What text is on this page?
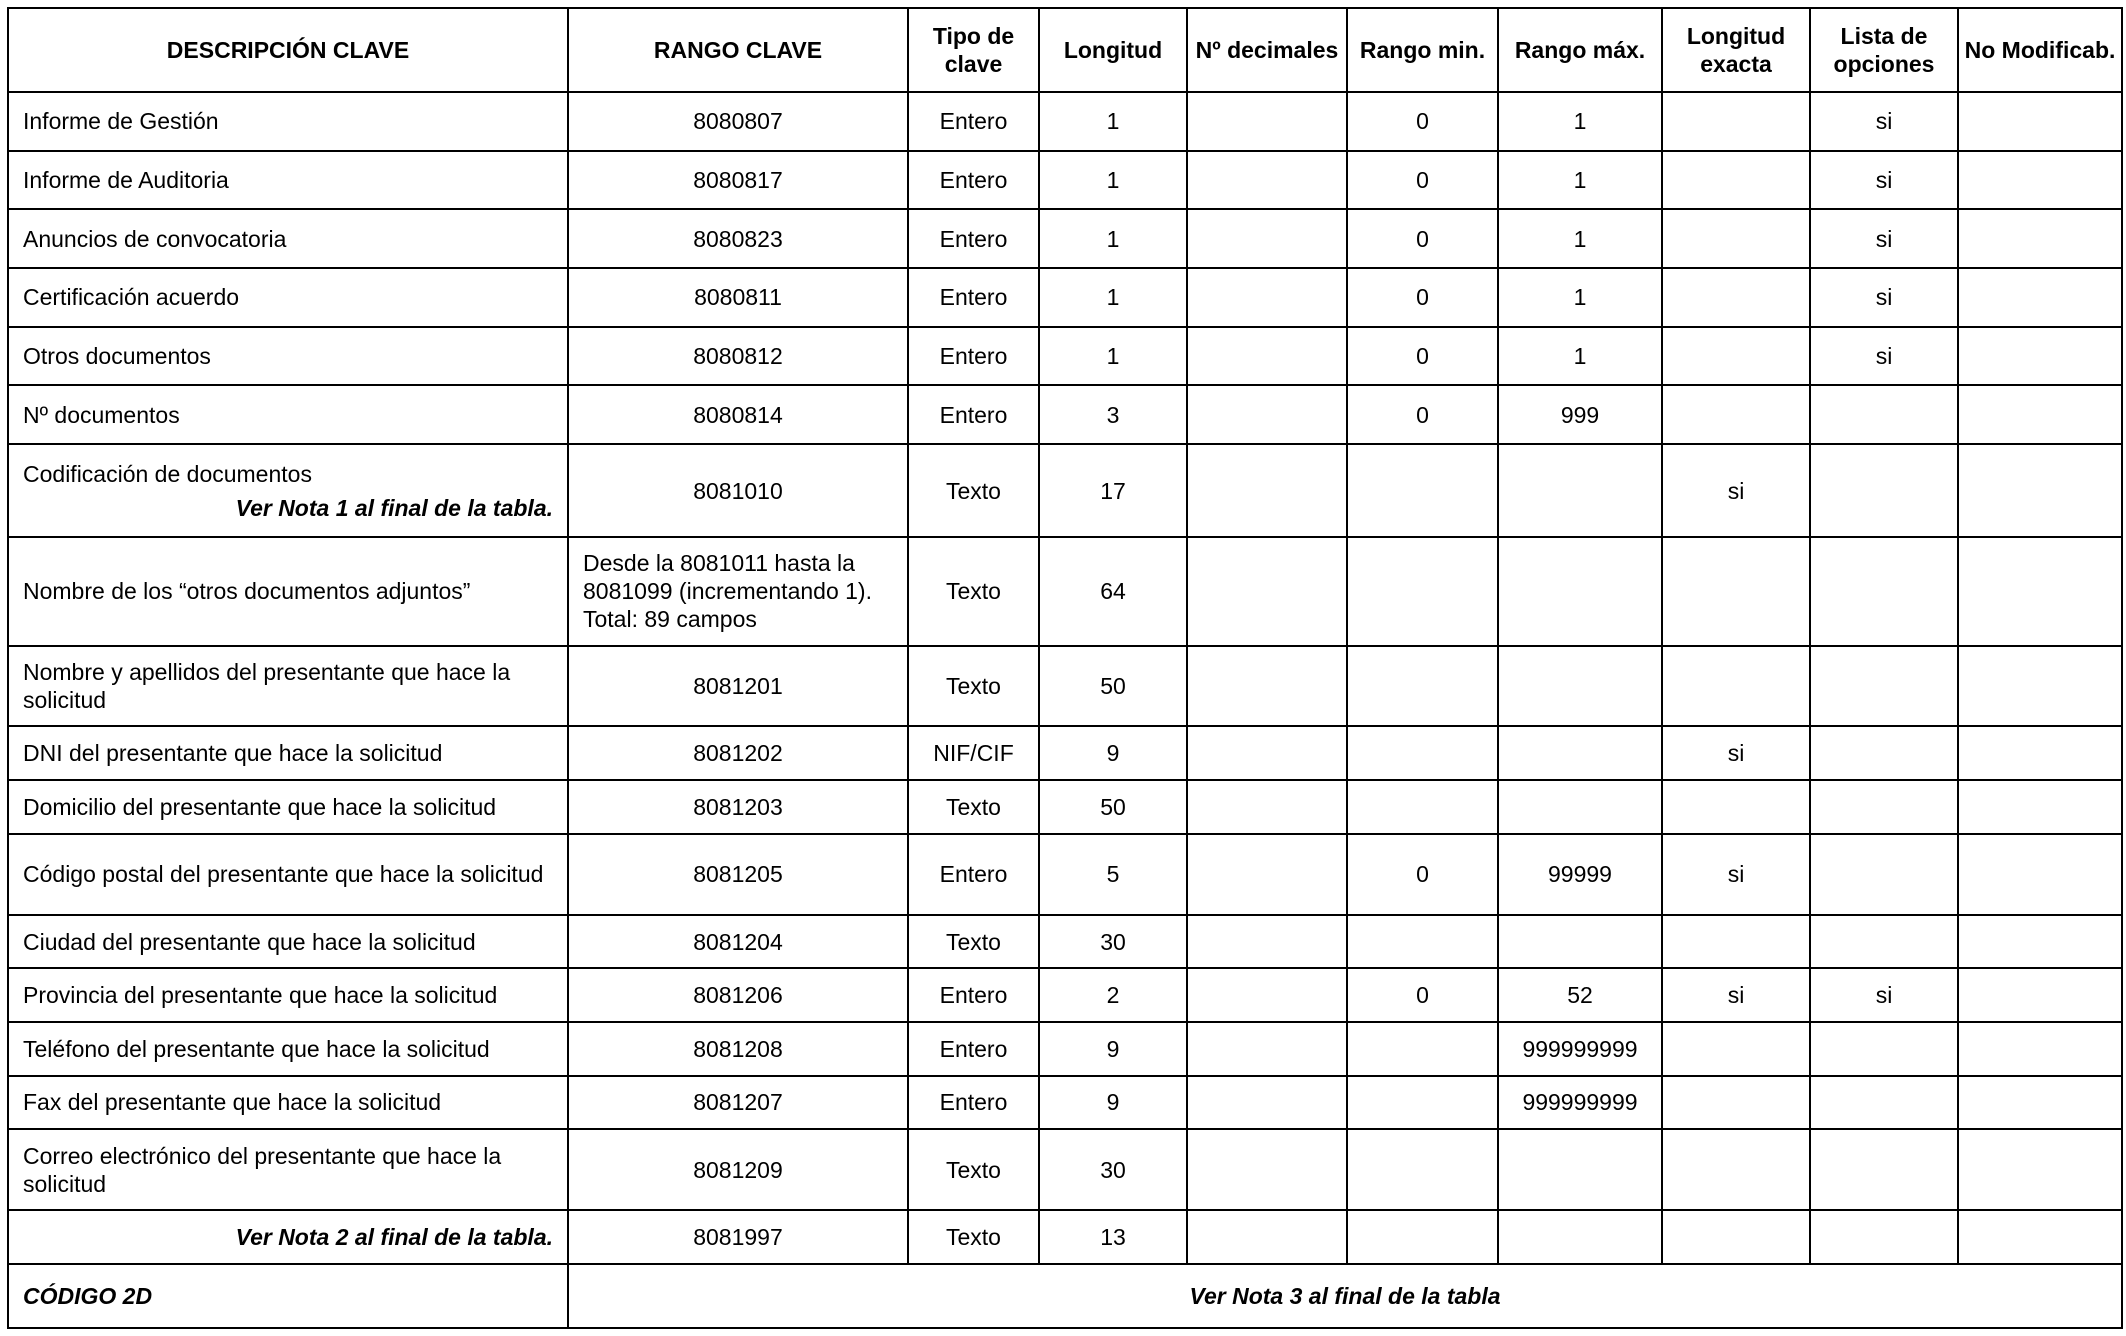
DESCRIPCIÓN CLAVE	RANGO CLAVE	Tipo de clave	Longitud	Nº decimales	Rango min.	Rango máx.	Longitud exacta	Lista de opciones	No Modificab.
Informe de Gestión	8080807	Entero	1		0	1		si	
Informe de Auditoria	8080817	Entero	1		0	1		si	
Anuncios de convocatoria	8080823	Entero	1		0	1		si	
Certificación acuerdo	8080811	Entero	1		0	1		si	
Otros documentos	8080812	Entero	1		0	1		si	
Nº documentos	8080814	Entero	3		0	999			
Codificación de documentos
Ver Nota 1 al final de la tabla.	8081010	Texto	17				si		
Nombre de los “otros documentos adjuntos”	Desde la 8081011 hasta la 8081099 (incrementando 1). Total: 89 campos	Texto	64						
Nombre y apellidos del presentante que hace la solicitud	8081201	Texto	50						
DNI del presentante que hace la solicitud	8081202	NIF/CIF	9				si		
Domicilio del presentante que hace la solicitud	8081203	Texto	50						
Código postal del presentante que hace la solicitud	8081205	Entero	5		0	99999	si		
Ciudad del presentante que hace la solicitud	8081204	Texto	30						
Provincia del presentante que hace la solicitud	8081206	Entero	2		0	52	si	si	
Teléfono del presentante que hace la solicitud	8081208	Entero	9			999999999			
Fax del presentante que hace la solicitud	8081207	Entero	9			999999999			
Correo electrónico del presentante que hace la solicitud	8081209	Texto	30						
Ver Nota 2 al final de la tabla.	8081997	Texto	13						
CÓDIGO 2D	Ver Nota 3 al final de la tabla								
